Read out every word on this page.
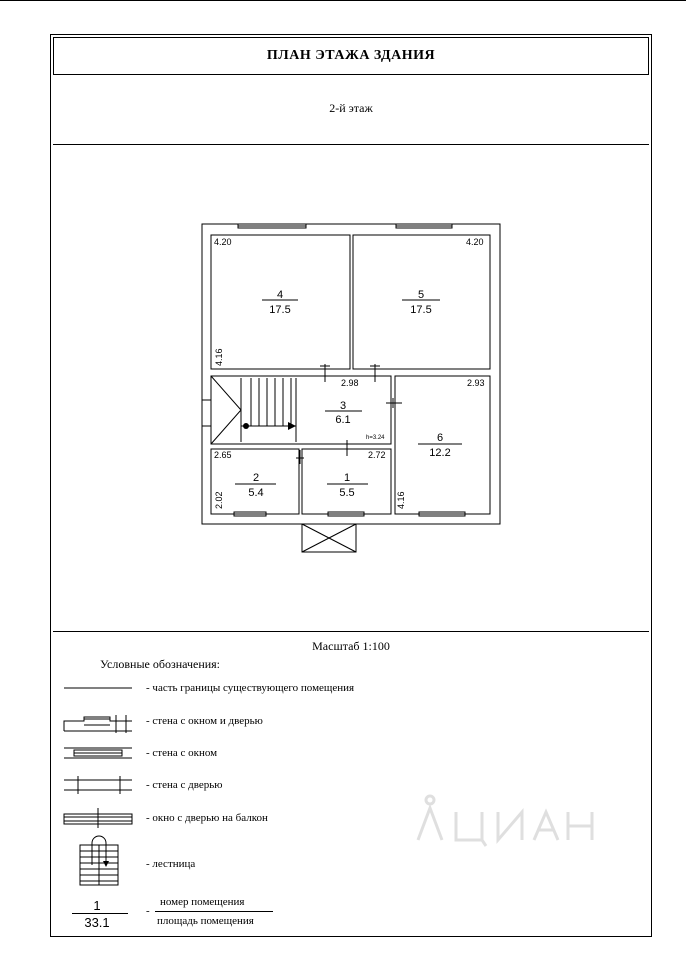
ПЛАН ЭТАЖА ЗДАНИЯ
2-й этаж
4
17.5
5
17.5
3
6.1
6
12.2
2
5.4
1
5.5
4.20	4.20
4.16
2.98	2.93
h=3.24
2.65	2.72
2.02	4.16
Масштаб 1:100
Условные обозначения:
- часть границы существующего помещения
- стена с окном и дверью
- стена с окном
- стена с дверью
- окно с дверью на балкон
- лестница
1
33.1
-
номер помещения
площадь помещения
